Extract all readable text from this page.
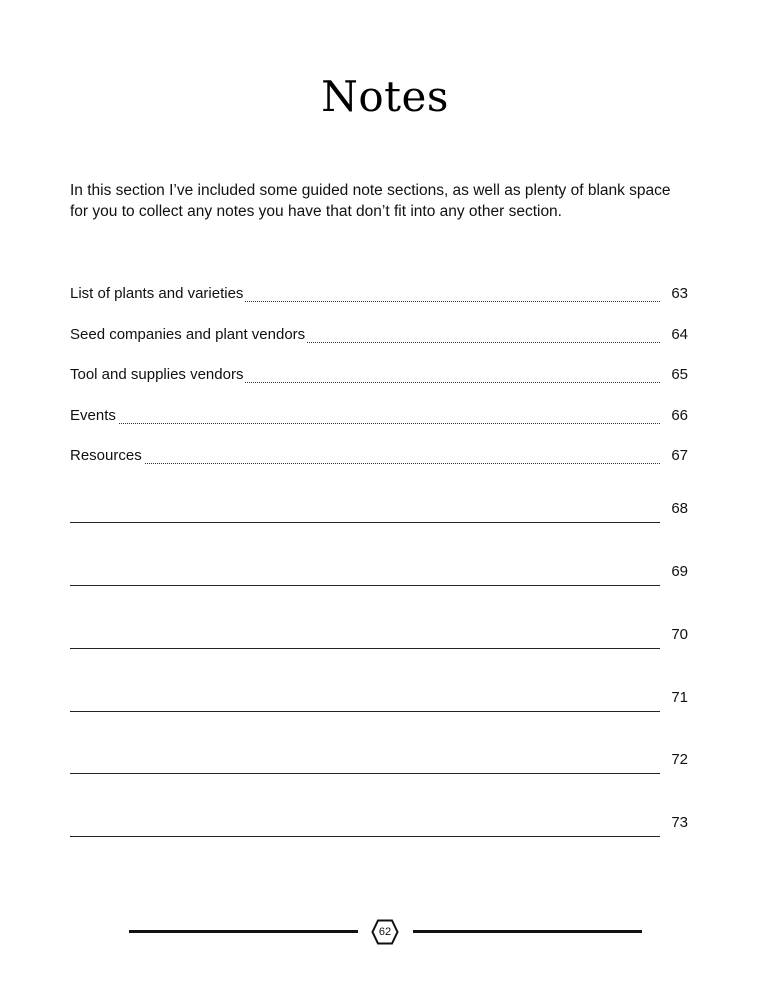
Notes
In this section I’ve included some guided note sections, as well as plenty of blank space for you to collect any notes you have that don’t fit into any other section.
List of plants and varieties	63
Seed companies and plant vendors	64
Tool and supplies vendors	65
Events	66
Resources	67
68
69
70
71
72
73
62
